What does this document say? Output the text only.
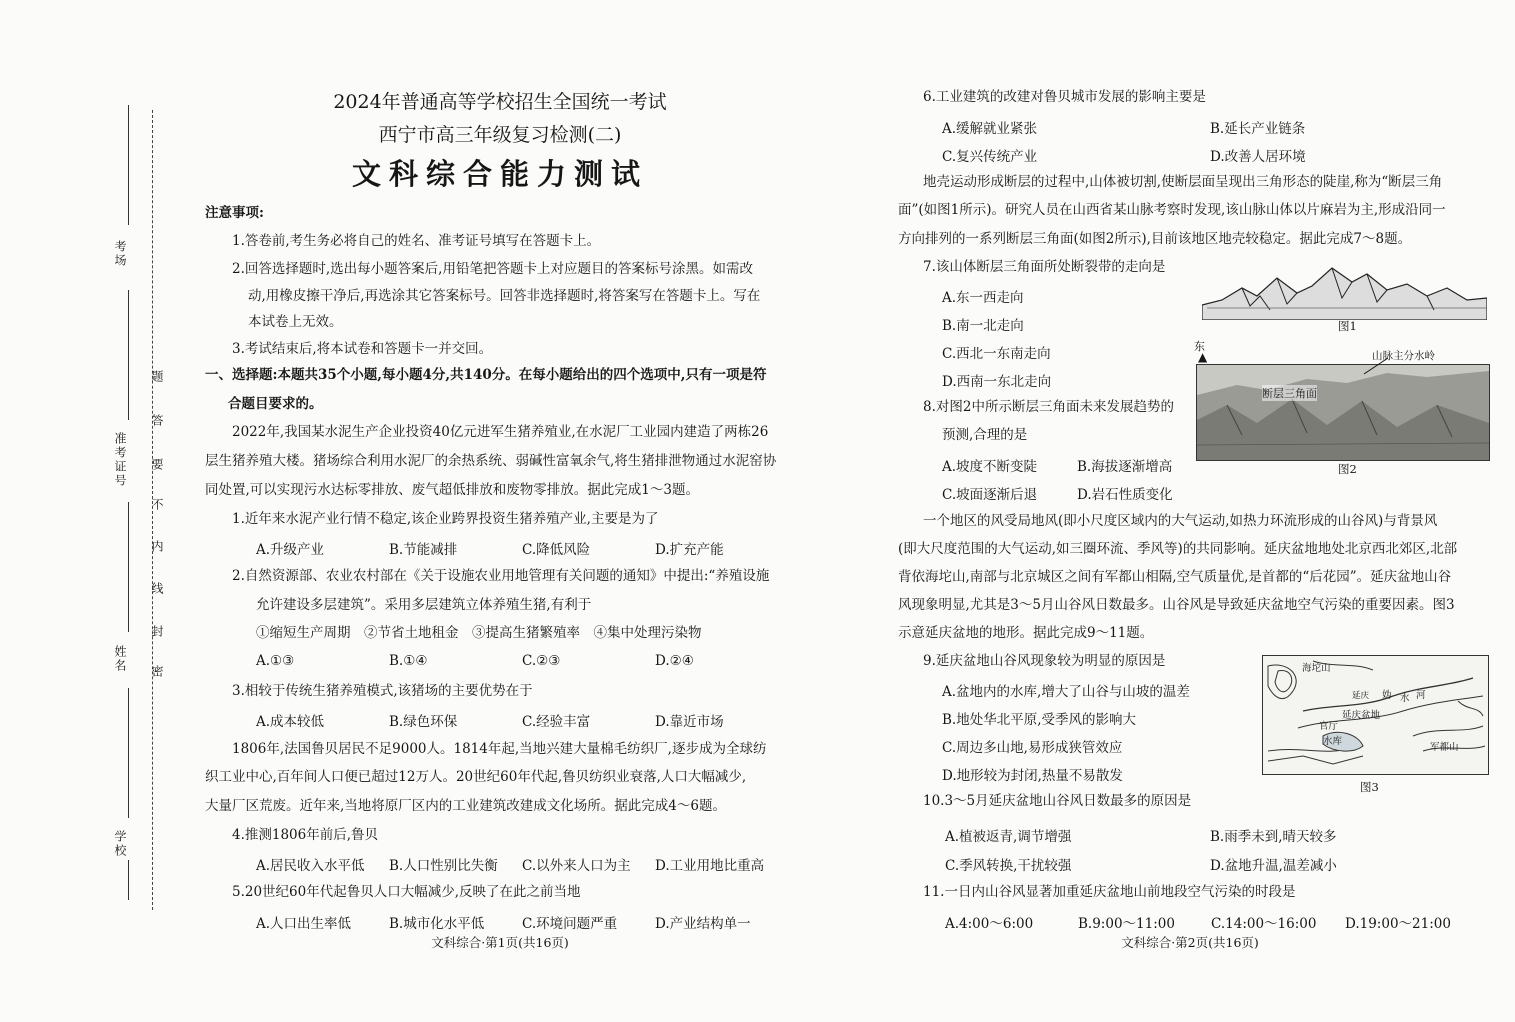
考场
准考证号
姓名
学校
题
答
要
不
内
线
封
密
2024年普通高等学校招生全国统一考试
西宁市高三年级复习检测(二)
文科综合能力测试
注意事项:
1.答卷前,考生务必将自己的姓名、准考证号填写在答题卡上。
2.回答选择题时,选出每小题答案后,用铅笔把答题卡上对应题目的答案标号涂黑。如需改
动,用橡皮擦干净后,再选涂其它答案标号。回答非选择题时,将答案写在答题卡上。写在
本试卷上无效。
3.考试结束后,将本试卷和答题卡一并交回。
一、选择题:本题共35个小题,每小题4分,共140分。在每小题给出的四个选项中,只有一项是符
合题目要求的。
2022年,我国某水泥生产企业投资40亿元进军生猪养殖业,在水泥厂工业园内建造了两栋26
层生猪养殖大楼。猪场综合利用水泥厂的余热系统、弱碱性富氧余气,将生猪排泄物通过水泥窑协
同处置,可以实现污水达标零排放、废气超低排放和废物零排放。据此完成1～3题。
1.近年来水泥产业行情不稳定,该企业跨界投资生猪养殖产业,主要是为了
A.升级产业	B.节能减排	C.降低风险	D.扩充产能
2.自然资源部、农业农村部在《关于设施农业用地管理有关问题的通知》中提出:“养殖设施
允许建设多层建筑”。采用多层建筑立体养殖生猪,有利于
①缩短生产周期　②节省土地租金　③提高生猪繁殖率　④集中处理污染物
A.①③	B.①④	C.②③	D.②④
3.相较于传统生猪养殖模式,该猪场的主要优势在于
A.成本较低	B.绿色环保	C.经验丰富	D.靠近市场
1806年,法国鲁贝居民不足9000人。1814年起,当地兴建大量棉毛纺织厂,逐步成为全球纺
织工业中心,百年间人口便已超过12万人。20世纪60年代起,鲁贝纺织业衰落,人口大幅减少,
大量厂区荒废。近年来,当地将原厂区内的工业建筑改建成文化场所。据此完成4～6题。
4.推测1806年前后,鲁贝
A.居民收入水平低 B.人口性别比失衡 C.以外来人口为主 D.工业用地比重高
5.20世纪60年代起鲁贝人口大幅减少,反映了在此之前当地
A.人口出生率低	B.城市化水平低	C.环境问题严重	D.产业结构单一
文科综合·第1页(共16页)
6.工业建筑的改建对鲁贝城市发展的影响主要是
A.缓解就业紧张	B.延长产业链条
C.复兴传统产业	D.改善人居环境
地壳运动形成断层的过程中,山体被切割,使断层面呈现出三角形态的陡崖,称为“断层三角
面”(如图1所示)。研究人员在山西省某山脉考察时发现,该山脉山体以片麻岩为主,形成沿同一
方向排列的一系列断层三角面(如图2所示),目前该地区地壳较稳定。据此完成7～8题。
7.该山体断层三角面所处断裂带的走向是
A.东一西走向
B.南一北走向
C.西北一东南走向
D.西南一东北走向
8.对图2中所示断层三角面未来发展趋势的
预测,合理的是
A.坡度不断变陡	B.海拔逐渐增高
C.坡面逐渐后退	D.岩石性质变化
图1
东
▲	山脉主分水岭
断层三角面
图2
一个地区的风受局地风(即小尺度区域内的大气运动,如热力环流形成的山谷风)与背景风
(即大尺度范围的大气运动,如三圈环流、季风等)的共同影响。延庆盆地地处北京西北郊区,北部
背依海坨山,南部与北京城区之间有军都山相隔,空气质量优,是首都的“后花园”。延庆盆地山谷
风现象明显,尤其是3～5月山谷风日数最多。山谷风是导致延庆盆地空气污染的重要因素。图3
示意延庆盆地的地形。据此完成9～11题。
9.延庆盆地山谷风现象较为明显的原因是
A.盆地内的水库,增大了山谷与山坡的温差
B.地处华北平原,受季风的影响大
C.周边多山地,易形成狭管效应
D.地形较为封闭,热量不易散发
海坨山
延庆 妫 水 河
延庆盆地
官厅
水库
军都山
图3
10.3～5月延庆盆地山谷风日数最多的原因是
A.植被返青,调节增强	B.雨季未到,晴天较多
C.季风转换,干扰较强	D.盆地升温,温差减小
11.一日内山谷风显著加重延庆盆地山前地段空气污染的时段是
A.4:00～6:00	B.9:00～11:00	C.14:00～16:00 D.19:00～21:00
文科综合·第2页(共16页)
